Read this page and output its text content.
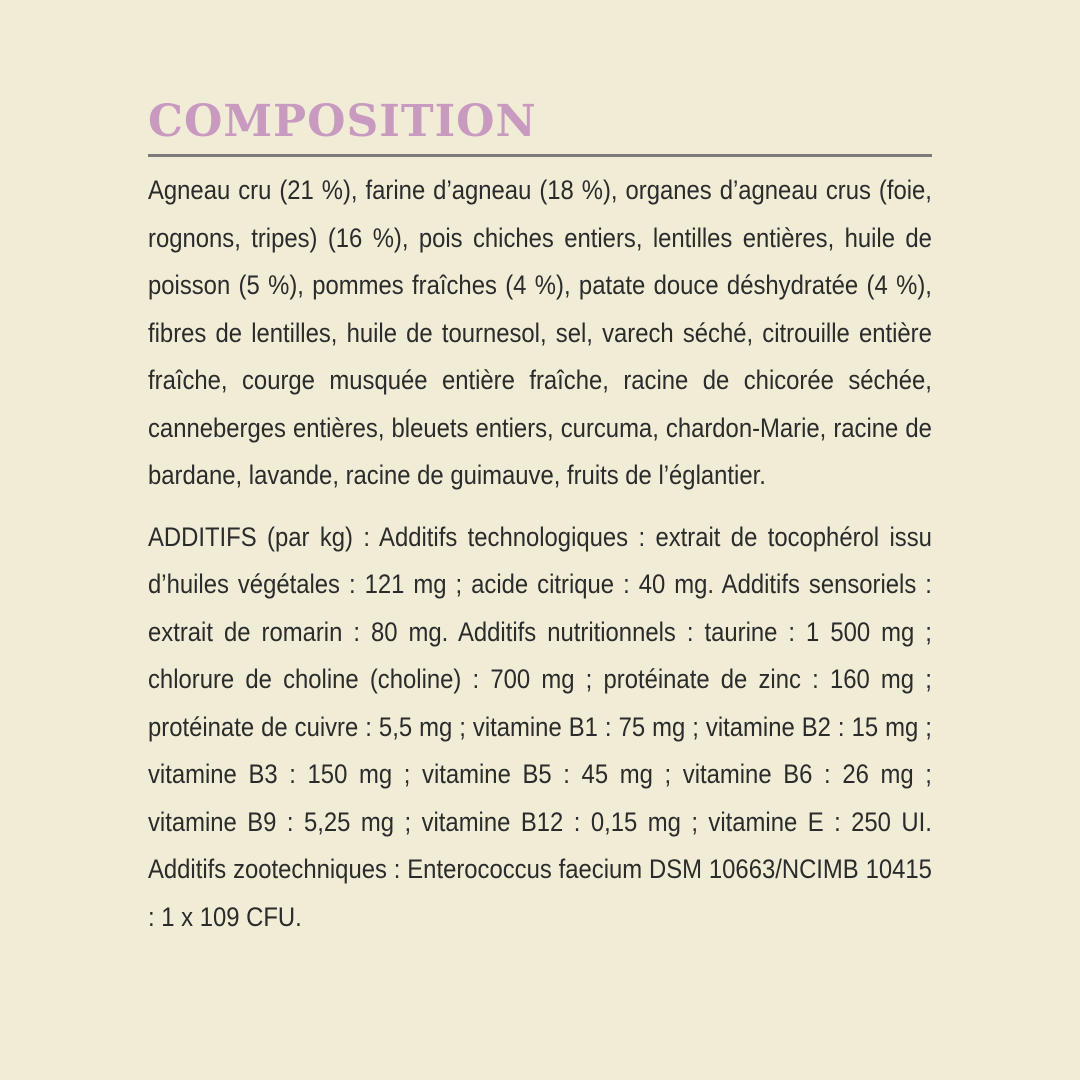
COMPOSITION

Agneau cru (21 %), farine d’agneau (18 %), organes d’agneau crus (foie, rognons, tripes) (16 %), pois chiches entiers, lentilles entières, huile de poisson (5 %), pommes fraîches (4 %), patate douce déshydratée (4 %), fibres de lentilles, huile de tournesol, sel, varech séché, citrouille entière fraîche, courge musquée entière fraîche, racine de chicorée séchée, canneberges entières, bleuets entiers, curcuma, chardon-Marie, racine de bardane, lavande, racine de guimauve, fruits de l’églantier.

ADDITIFS (par kg) : Additifs technologiques : extrait de tocophérol issu d’huiles végétales : 121 mg ; acide citrique : 40 mg. Additifs sensoriels : extrait de romarin : 80 mg. Additifs nutritionnels : taurine : 1 500 mg ; chlorure de choline (choline) : 700 mg ; protéinate de zinc : 160 mg ; protéinate de cuivre : 5,5 mg ; vitamine B1 : 75 mg ; vitamine B2 : 15 mg ; vitamine B3 : 150 mg ; vitamine B5 : 45 mg ; vitamine B6 : 26 mg ; vitamine B9 : 5,25 mg ; vitamine B12 : 0,15 mg ; vitamine E : 250 UI. Additifs zootechniques : Enterococcus faecium DSM 10663/NCIMB 10415 : 1 x 109 CFU.
